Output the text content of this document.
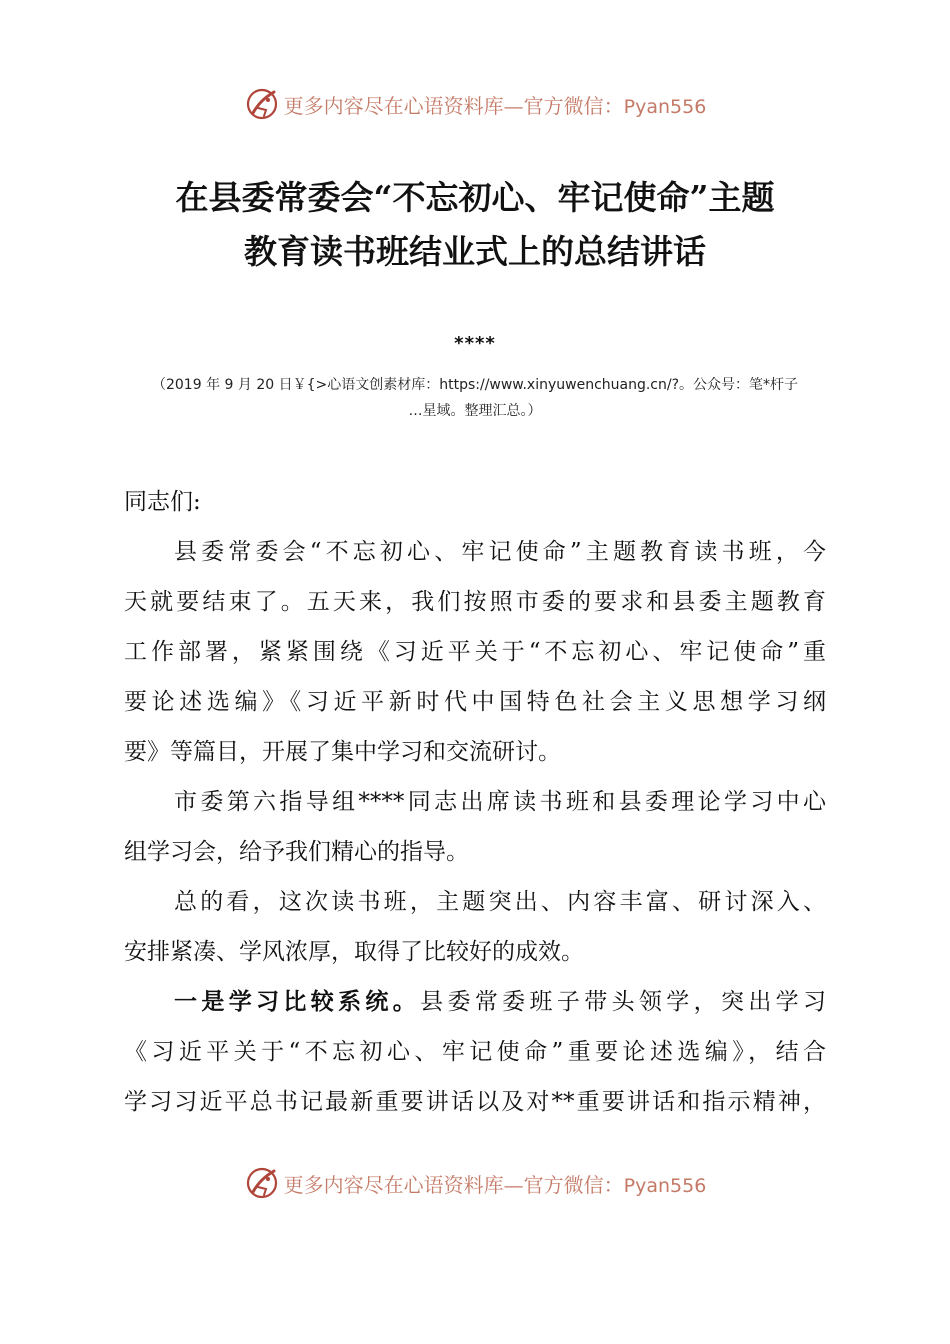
更多内容尽在心语资料库—官方微信：Pyan556
在县委常委会“不忘初心、牢记使命”主题
教育读书班结业式上的总结讲话
****
（2019 年 9 月 20 日￥{>心语文创素材库：https://www.xinyuwenchuang.cn/?。公众号：笔*杆子
…星域。整理汇总。）
同志们:
县委常委会“不忘初心、牢记使命”主题教育读书班，今
天就要结束了。五天来，我们按照市委的要求和县委主题教育
工作部署，紧紧围绕《习近平关于“不忘初心、牢记使命”重
要论述选编》《习近平新时代中国特色社会主义思想学习纲
要》等篇目，开展了集中学习和交流研讨。
市委第六指导组****同志出席读书班和县委理论学习中心
组学习会，给予我们精心的指导。
总的看，这次读书班，主题突出、内容丰富、研讨深入、
安排紧凑、学风浓厚，取得了比较好的成效。
一是学习比较系统。县委常委班子带头领学，突出学习
《习近平关于“不忘初心、牢记使命”重要论述选编》，结合
学习习近平总书记最新重要讲话以及对**重要讲话和指示精神，
更多内容尽在心语资料库—官方微信：Pyan556
